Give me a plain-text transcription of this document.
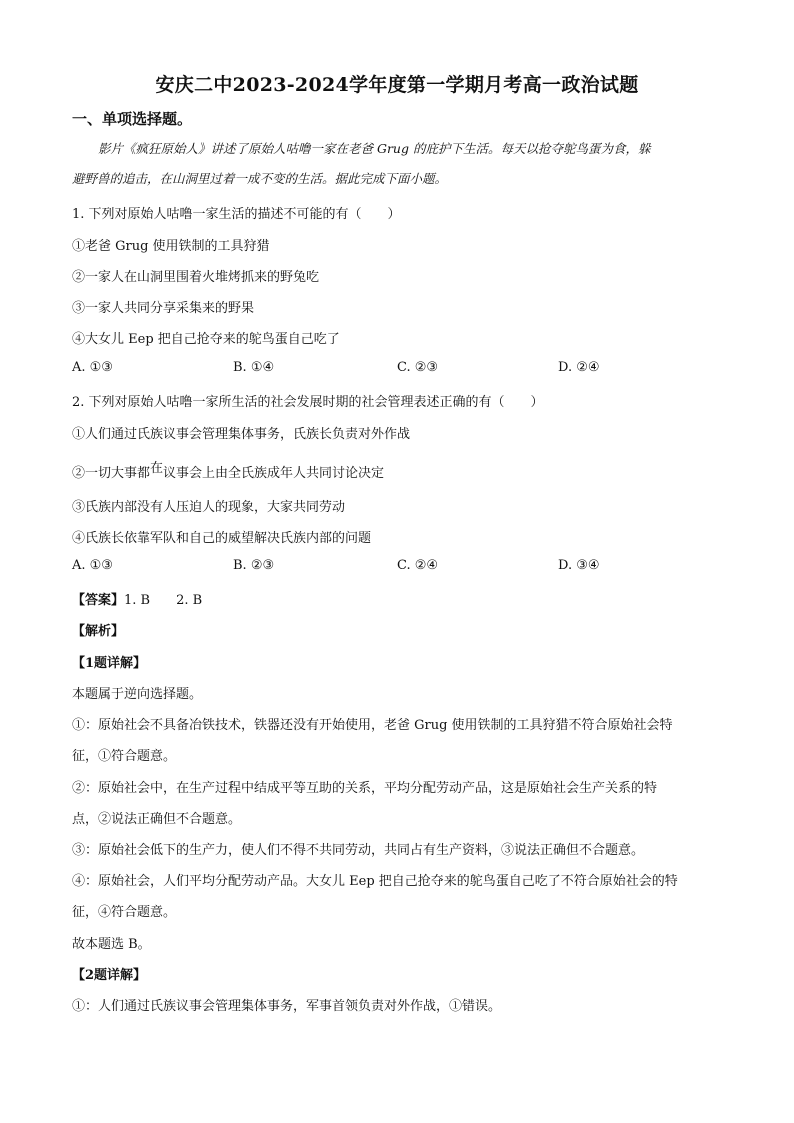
安庆二中2023-2024学年度第一学期月考高一政治试题
一、单项选择题。
影片《疯狂原始人》讲述了原始人咕噜一家在老爸 Grug 的庇护下生活。每天以抢夺鸵鸟蛋为食，躲
避野兽的追击，在山洞里过着一成不变的生活。据此完成下面小题。
1. 下列对原始人咕噜一家生活的描述不可能的有（　　）
①老爸 Grug 使用铁制的工具狩猎
②一家人在山洞里围着火堆烤抓来的野兔吃
③一家人共同分享采集来的野果
④大女儿 Eep 把自己抢夺来的鸵鸟蛋自己吃了
A. ①③	B. ①④	C. ②③	D. ②④
2. 下列对原始人咕噜一家所生活的社会发展时期的社会管理表述正确的有（　　）
①人们通过氏族议事会管理集体事务，氏族长负责对外作战
②一切大事都在议事会上由全氏族成年人共同讨论决定
③氏族内部没有人压迫人的现象，大家共同劳动
④氏族长依靠军队和自己的威望解决氏族内部的问题
A. ①③	B. ②③	C. ②④	D. ③④
【答案】1. B　　2. B
【解析】
【1题详解】
本题属于逆向选择题。
①：原始社会不具备冶铁技术，铁器还没有开始使用，老爸 Grug 使用铁制的工具狩猎不符合原始社会特
征，①符合题意。
②：原始社会中，在生产过程中结成平等互助的关系，平均分配劳动产品，这是原始社会生产关系的特
点，②说法正确但不合题意。
③：原始社会低下的生产力，使人们不得不共同劳动，共同占有生产资料，③说法正确但不合题意。
④：原始社会，人们平均分配劳动产品。大女儿 Eep 把自己抢夺来的鸵鸟蛋自己吃了不符合原始社会的特
征，④符合题意。
故本题选 B。
【2题详解】
①：人们通过氏族议事会管理集体事务，军事首领负责对外作战，①错误。
